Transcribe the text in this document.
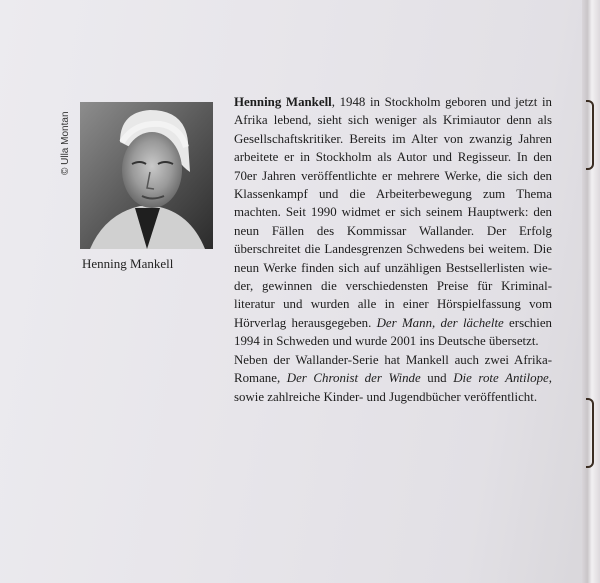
© Ulla Montan
Henning Mankell

Henning Mankell, 1948 in Stockholm geboren und jetzt in Afrika lebend, sieht sich weniger als Krimiautor denn als Gesellschaftskritiker. Bereits im Alter von zwanzig Jahren arbeitete er in Stockholm als Autor und Regisseur. In den 70er Jahren veröffentlichte er mehrere Werke, die sich den Klassenkampf und die Arbeiterbewegung zum Thema machten. Seit 1990 widmet er sich seinem Hauptwerk: den neun Fällen des Kommissar Wallander. Der Erfolg überschreitet die Landesgrenzen Schwedens bei weitem. Die neun Werke finden sich auf unzähligen Bestsellerlisten wieder, gewinnen die verschiedensten Preise für Kriminalliteratur und wurden alle in einer Hörspielfassung vom Hörverlag herausgegeben. Der Mann, der lächelte erschien 1994 in Schweden und wurde 2001 ins Deutsche übersetzt.

Neben der Wallander-Serie hat Mankell auch zwei Afrika-Romane, Der Chronist der Winde und Die rote Antilope, sowie zahlreiche Kinder- und Jugendbücher veröffentlicht.
